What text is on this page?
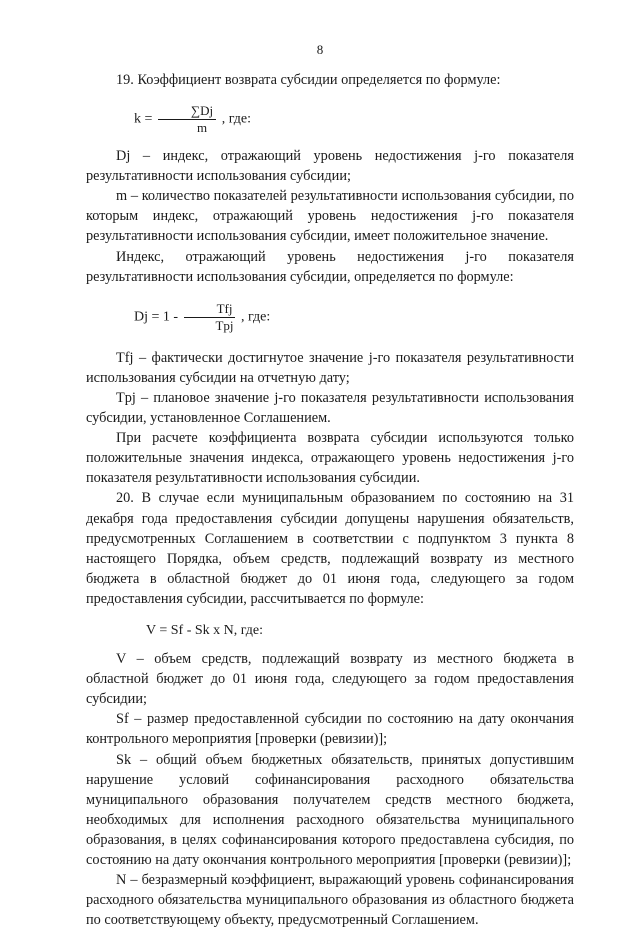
8

19. Коэффициент возврата субсидии определяется по формуле:

$k = \frac{\sum Dj}{m}$ , где:

Dj – индекс, отражающий уровень недостижения j-го показателя результативности использования субсидии;

m – количество показателей результативности использования субсидии, по которым индекс, отражающий уровень недостижения j-го показателя результативности использования субсидии, имеет положительное значение.

Индекс, отражающий уровень недостижения j-го показателя результативности использования субсидии, определяется по формуле:

$Dj = 1 - \frac{\text{Tfj}}{\text{Tpj}}$ , где:

Tfj – фактически достигнутое значение j-го показателя результативности использования субсидии на отчетную дату;

Tpj – плановое значение j-го показателя результативности использования субсидии, установленное Соглашением.

При расчете коэффициента возврата субсидии используются только положительные значения индекса, отражающего уровень недостижения j-го показателя результативности использования субсидии.

20. В случае если муниципальным образованием по состоянию на 31 декабря года предоставления субсидии допущены нарушения обязательств, предусмотренных Соглашением в соответствии с подпунктом 3 пункта 8 настоящего Порядка, объем средств, подлежащий возврату из местного бюджета в областной бюджет до 01 июня года, следующего за годом предоставления субсидии, рассчитывается по формуле:

V = Sf - Sk x N, где:

V – объем средств, подлежащий возврату из местного бюджета в областной бюджет до 01 июня года, следующего за годом предоставления субсидии;

Sf – размер предоставленной субсидии по состоянию на дату окончания контрольного мероприятия [проверки (ревизии)];

Sk – общий объем бюджетных обязательств, принятых допустившим нарушение условий софинансирования расходного обязательства муниципального образования получателем средств местного бюджета, необходимых для исполнения расходного обязательства муниципального образования, в целях софинансирования которого предоставлена субсидия, по состоянию на дату окончания контрольного мероприятия [проверки (ревизии)];

N – безразмерный коэффициент, выражающий уровень софинансирования расходного обязательства муниципального образования из областного бюджета по соответствующему объекту, предусмотренный Соглашением.
